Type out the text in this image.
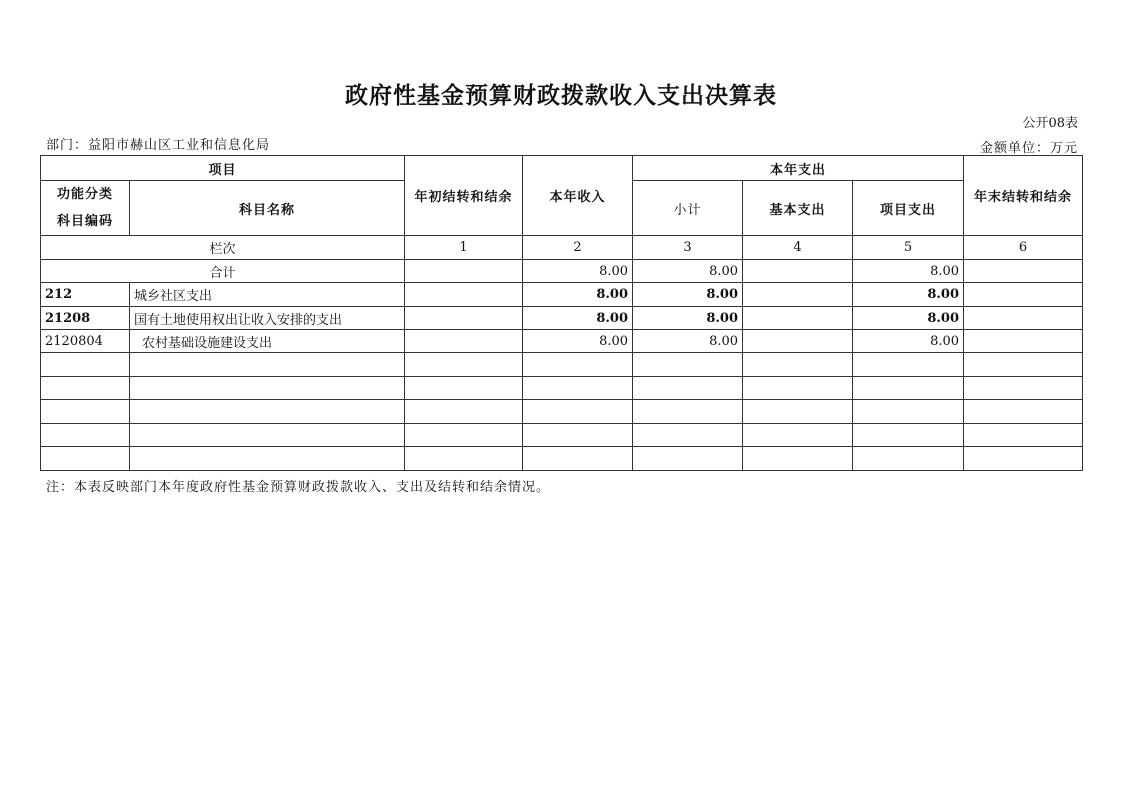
政府性基金预算财政拨款收入支出决算表
公开08表
部门：益阳市赫山区工业和信息化局	金额单位：万元
项目		年初结转和结余	本年收入	本年支出			年末结转和结余

功能分类
科目编码	科目名称			小计	基本支出	项目支出	
栏次		1	2	3	4	5	6
合计			8.00	8.00		8.00	
212	城乡社区支出		8.00	8.00		8.00	
21208	国有土地使用权出让收入安排的支出		8.00	8.00		8.00	
2120804	农村基础设施建设支出		8.00	8.00		8.00	

注：本表反映部门本年度政府性基金预算财政拨款收入、支出及结转和结余情况。
